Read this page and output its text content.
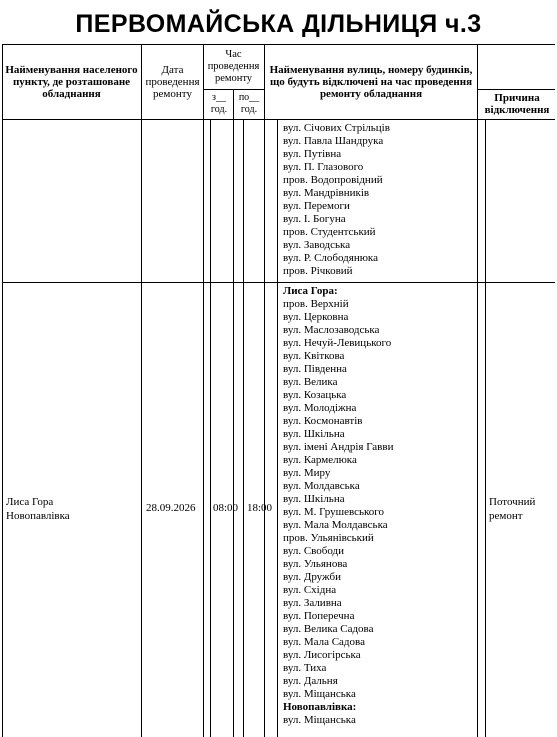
ПЕРВОМАЙСЬКА ДІЛЬНИЦЯ ч.3
Найменування населеного пункту, де розташоване обладнання
Дата проведення ремонту
Час проведення ремонту
з__ год.
по__ год.
Найменування вулиць, номеру будинків, що будуть відключені на час проведення ремонту обладнання	Причина відключення
вул. Січових Стрільців
вул. Павла Шандрука
вул. Путівна
вул. П. Глазового
пров. Водопровідний
вул. Мандрівників
вул. Перемоги
вул. І. Богуна
пров. Студентський
вул. Заводська
вул. Р. Слободянюка
пров. Річковий
Лиса Гора
Новопавлівка
28.09.2026 08:00 18:00	Поточний
ремонт
Лиса Гора:
пров. Верхній
вул. Церковна
вул. Маслозаводська
вул. Нечуй-Левицького
вул. Квіткова
вул. Південна
вул. Велика
вул. Козацька
вул. Молодіжна
вул. Космонавтів
вул. Шкільна
вул. імені Андрія Гавви
вул. Кармелюка
вул. Миру
вул. Молдавська
вул. Шкільна
вул. М. Грушевського
вул. Мала Молдавська
пров. Ульянівський
вул. Свободи
вул. Ульянова
вул. Дружби
вул. Східна
вул. Заливна
вул. Поперечна
вул. Велика Садова
вул. Мала Садова
вул. Лисогірська
вул. Тиха
вул. Дальня
вул. Міщанська
Новопавлівка:
вул. Міщанська
